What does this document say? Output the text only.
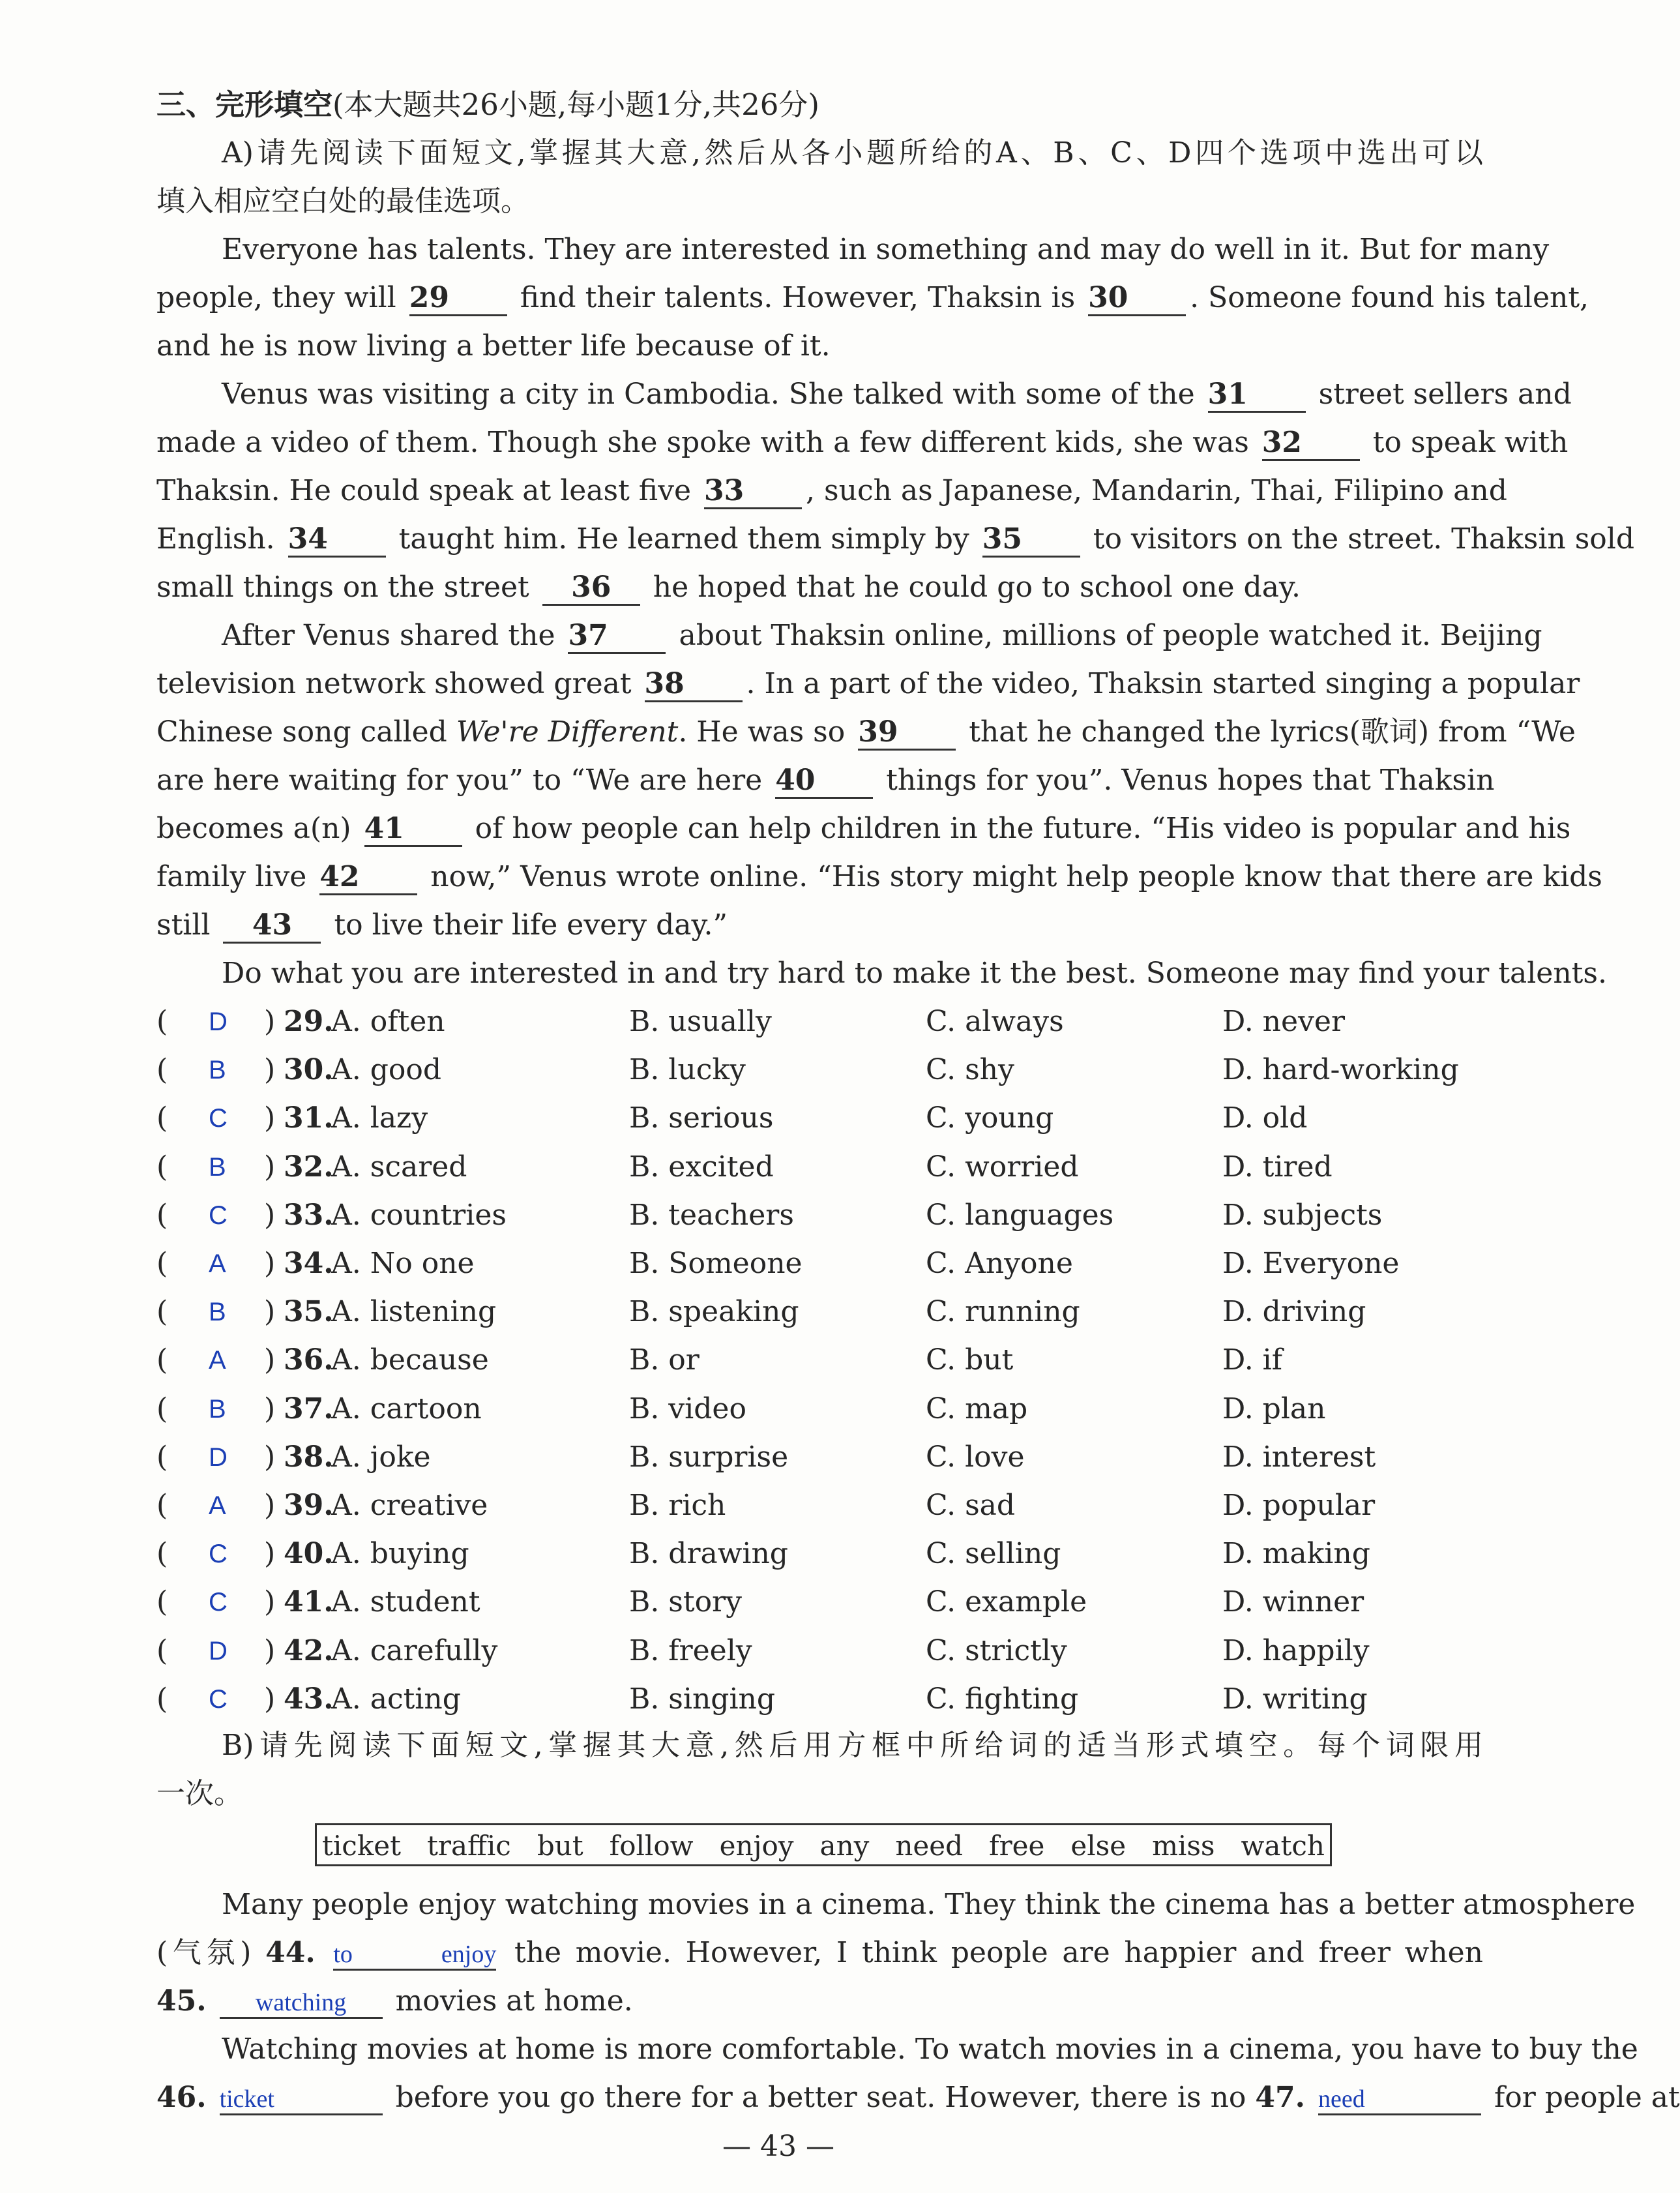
三、完形填空(本大题共26小题,每小题1分,共26分)
A)请先阅读下面短文,掌握其大意,然后从各小题所给的A、B、C、D四个选项中选出可以
填入相应空白处的最佳选项。
Everyone has talents. They are interested in something and may do well in it. But for many
people, they will 29 find their talents. However, Thaksin is 30 . Someone found his talent,
and he is now living a better life because of it.
Venus was visiting a city in Cambodia. She talked with some of the 31 street sellers and
made a video of them. Though she spoke with a few different kids, she was 32 to speak with
Thaksin. He could speak at least five 33 , such as Japanese, Mandarin, Thai, Filipino and
English. 34 taught him. He learned them simply by 35 to visitors on the street. Thaksin sold
small things on the street 36 he hoped that he could go to school one day.
After Venus shared the 37 about Thaksin online, millions of people watched it. Beijing
television network showed great 38 . In a part of the video, Thaksin started singing a popular
Chinese song called We're Different. He was so 39 that he changed the lyrics(歌词) from “We
are here waiting for you” to “We are here 40 things for you”. Venus hopes that Thaksin
becomes a(n) 41 of how people can help children in the future. “His video is popular and his
family live 42 now,” Venus wrote online. “His story might help people know that there are kids
still 43 to live their life every day.”
Do what you are interested in and try hard to make it the best. Someone may find your talents.
( D ) 29.
A. often	B. usually	C. always	D. never
( B ) 30.
A. good	B. lucky	C. shy	D. hard-working
( C ) 31.
A. lazy	B. serious	C. young	D. old
( B ) 32.
A. scared	B. excited	C. worried	D. tired
( C ) 33.
A. countries	B. teachers	C. languages	D. subjects
( A ) 34.
A. No one	B. Someone	C. Anyone	D. Everyone
( B ) 35.
A. listening	B. speaking	C. running	D. driving
( A ) 36.
A. because	B. or	C. but	D. if
( B ) 37.
A. cartoon	B. video	C. map	D. plan
( D ) 38.
A. joke	B. surprise	C. love	D. interest
( A ) 39.
A. creative	B. rich	C. sad	D. popular
( C ) 40.
A. buying	B. drawing	C. selling	D. making
( C ) 41.
A. student	B. story	C. example	D. winner
( D ) 42.
A. carefully	B. freely	C. strictly	D. happily
( C ) 43.
A. acting	B. singing	C. fighting	D. writing
B)请先阅读下面短文,掌握其大意,然后用方框中所给词的适当形式填空。每个词限用
一次。
ticket traffic but follow enjoy any need free else miss watch
Many people enjoy watching movies in a cinema. They think the cinema has a better atmosphere
(气氛) 44. to enjoy the movie. However, I think people are happier and freer when
45. watching movies at home.
Watching movies at home is more comfortable. To watch movies in a cinema, you have to buy the
46. ticket	before you go there for a better seat. However, there is no 47. need	for people at
— 43 —
